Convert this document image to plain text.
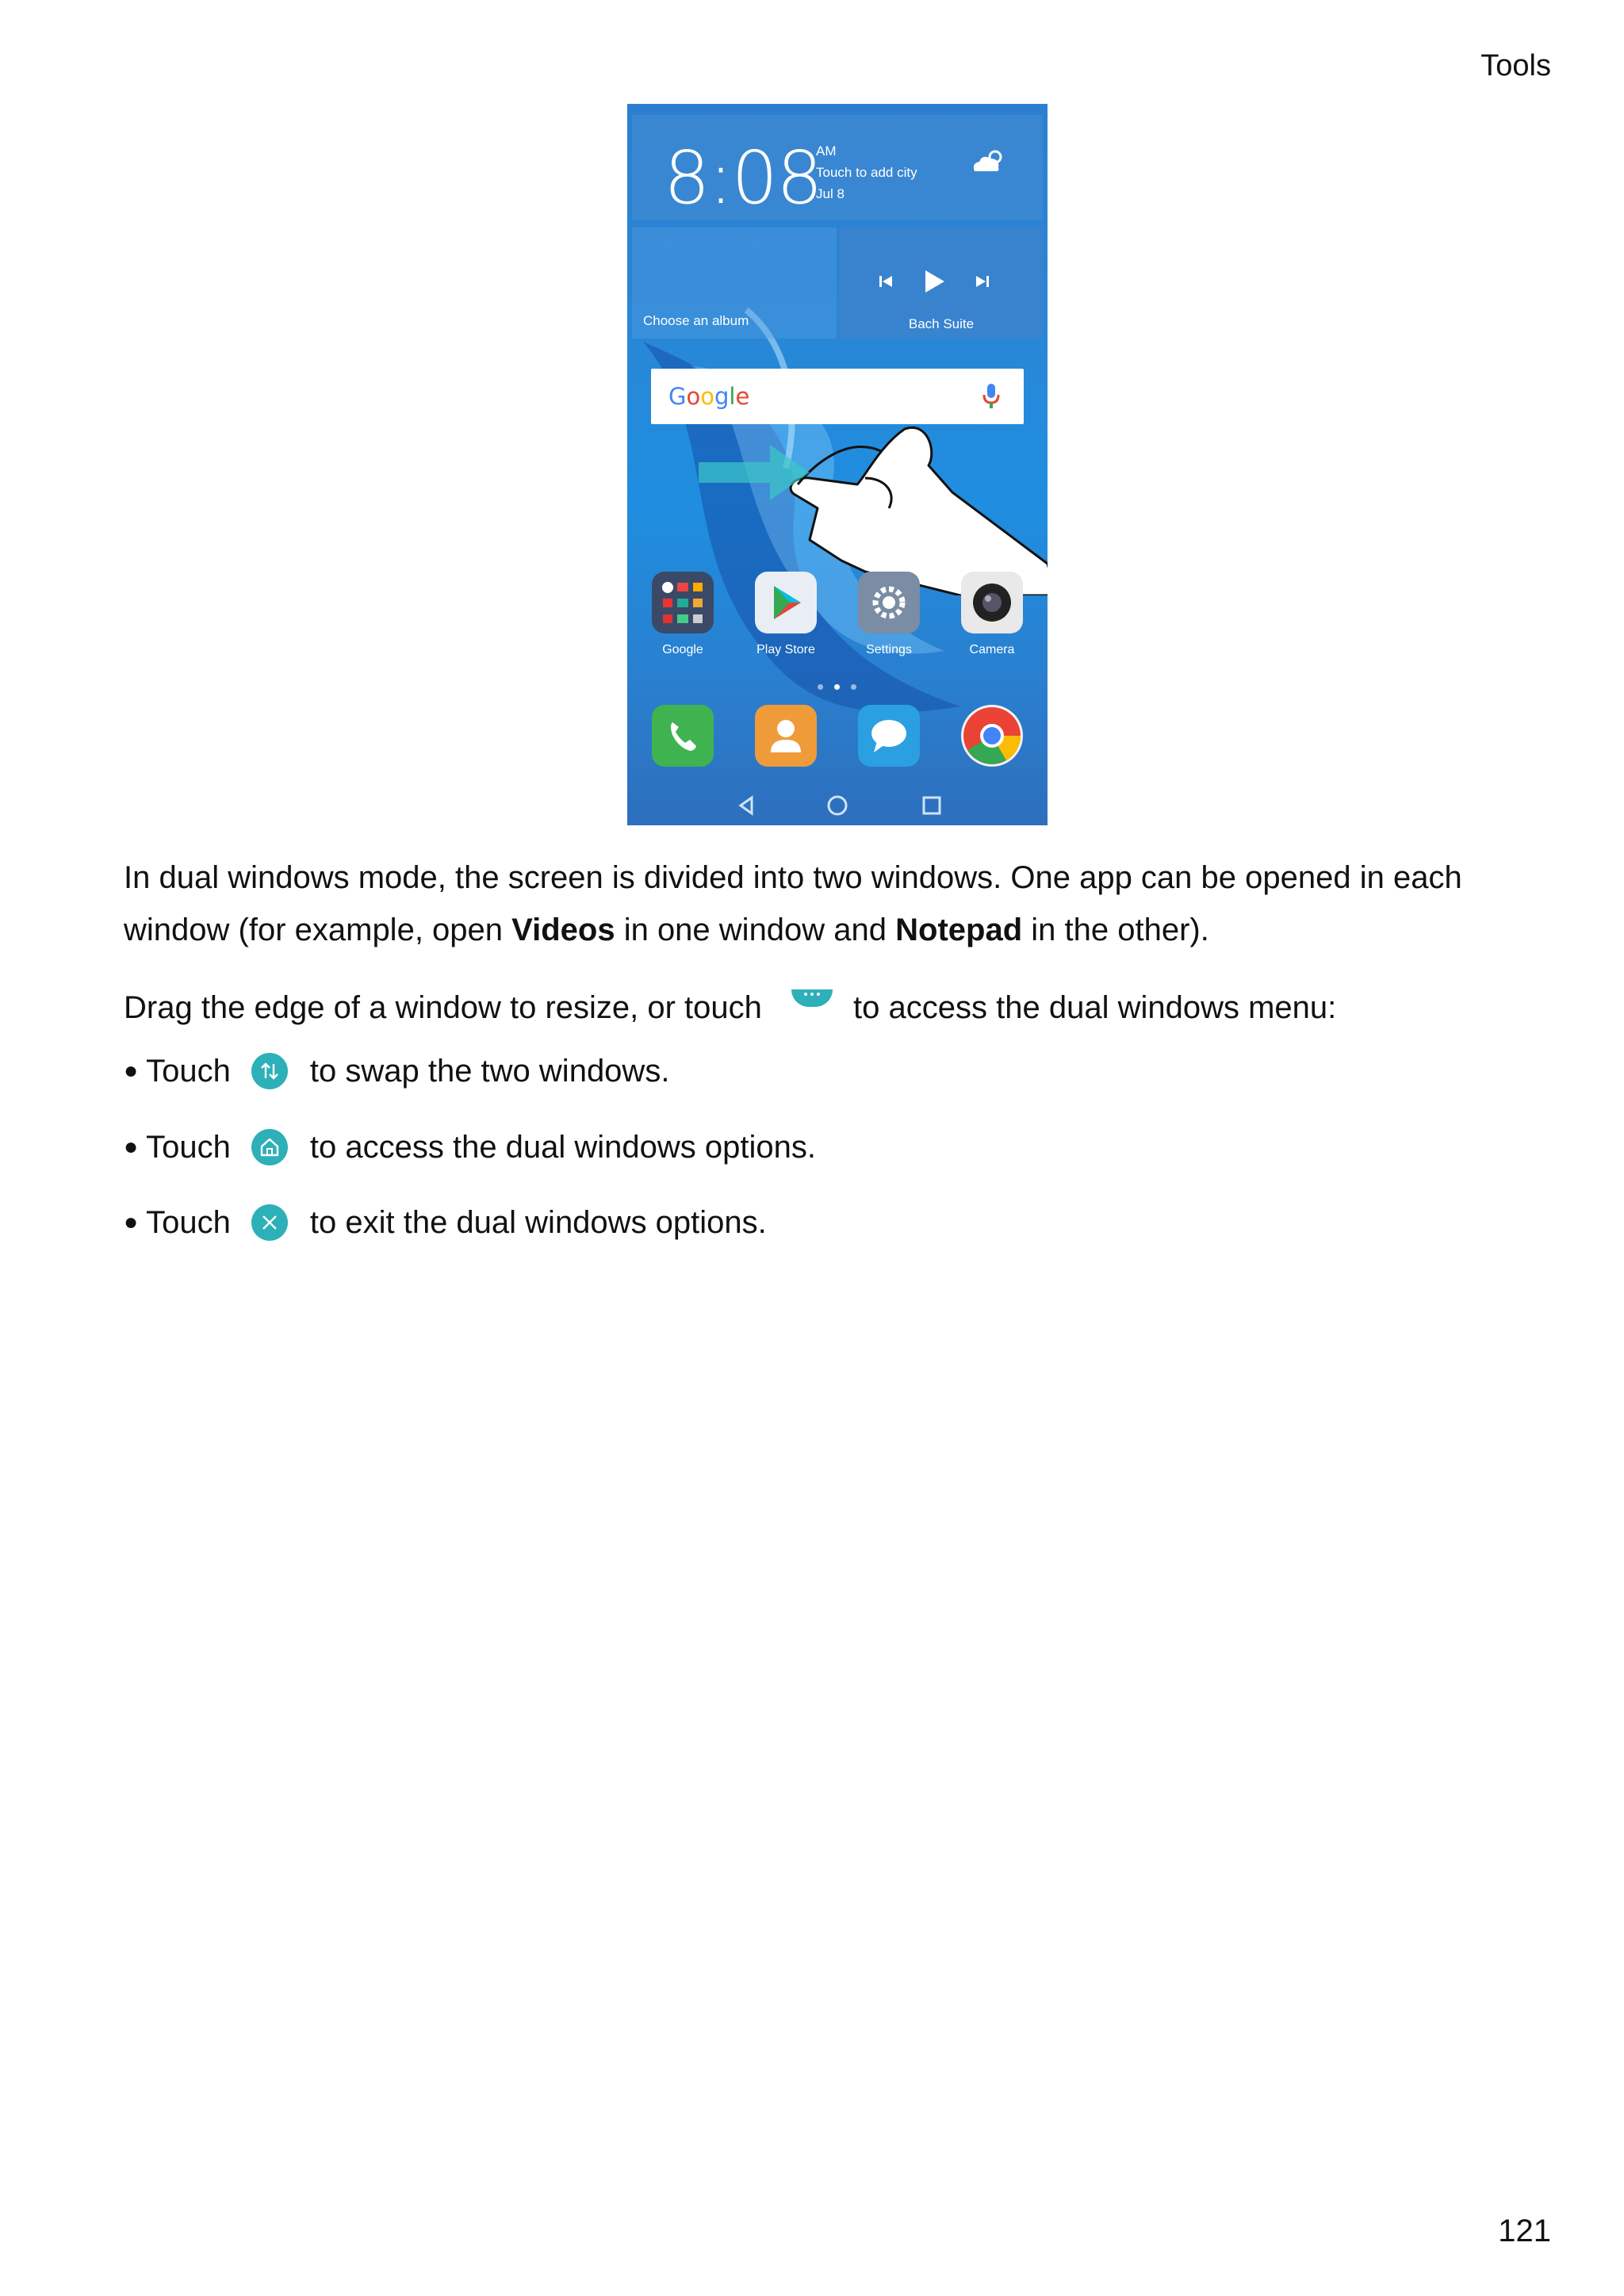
Tools
8:08
AM
Touch to add city
Jul 8
Choose an album	Bach Suite
Google
Google	Play Store	Settings	Camera
In dual windows mode, the screen is divided into two windows. One app can be opened in each
window (for example, open Videos in one window and Notepad in the other).
Drag the edge of a window to resize, or touch	to access the dual windows menu:
● Touch	to swap the two windows.
● Touch	to access the dual windows options.
● Touch	to exit the dual windows options.
121
